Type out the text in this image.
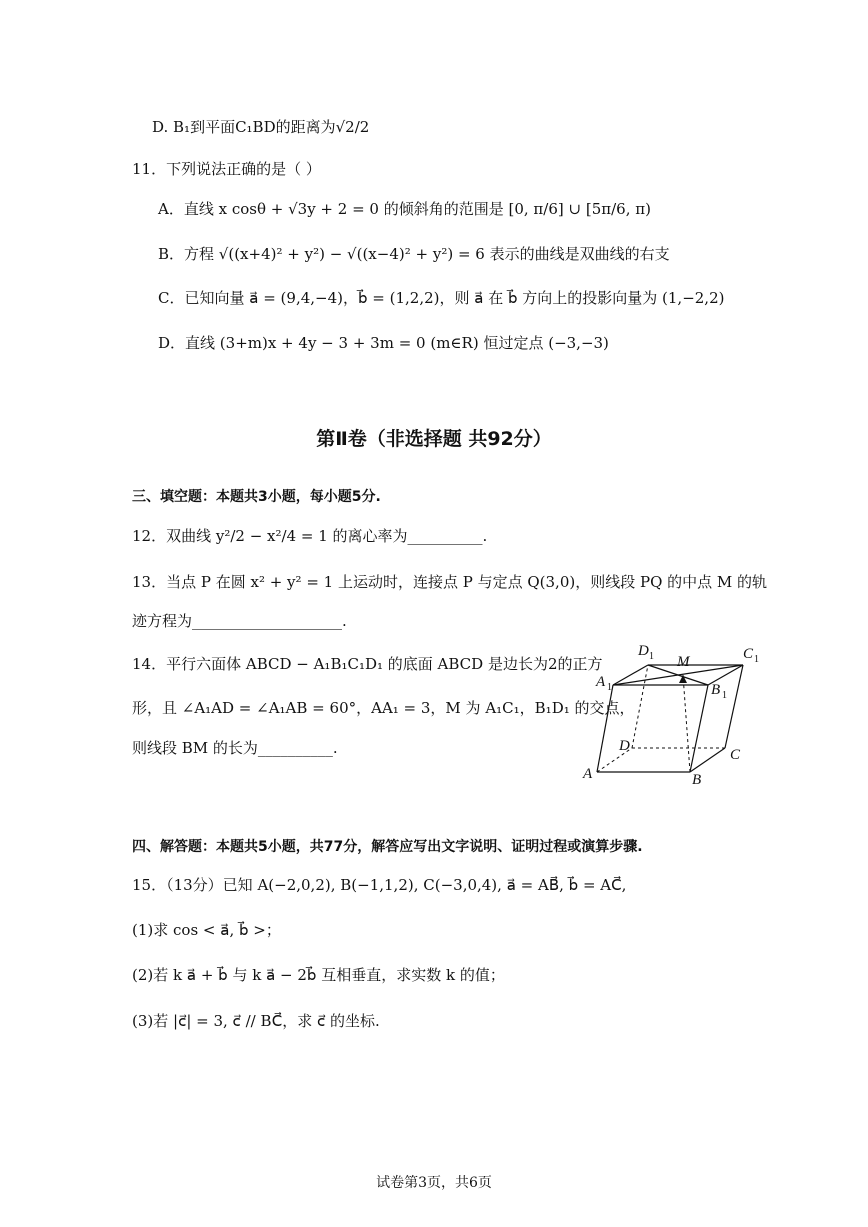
D. B₁到平面C₁BD的距离为√2/2
11．下列说法正确的是（ ）
A．直线 x cosθ + √3y + 2 = 0 的倾斜角的范围是 [0, π/6] ∪ [5π/6, π)
B．方程 √((x+4)² + y²) − √((x−4)² + y²) = 6 表示的曲线是双曲线的右支
C．已知向量 a⃗ = (9,4,−4)，b⃗ = (1,2,2)，则 a⃗ 在 b⃗ 方向上的投影向量为 (1,−2,2)
D．直线 (3+m)x + 4y − 3 + 3m = 0 (m∈R) 恒过定点 (−3,−3)
第Ⅱ卷（非选择题 共92分）
三、填空题：本题共3小题，每小题5分.
12．双曲线 y²/2 − x²/4 = 1 的离心率为__________.
13．当点 P 在圆 x² + y² = 1 上运动时，连接点 P 与定点 Q(3,0)，则线段 PQ 的中点 M 的轨
迹方程为____________________.
14．平行六面体 ABCD − A₁B₁C₁D₁ 的底面 ABCD 是边长为2的正方
形，且 ∠A₁AD = ∠A₁AB = 60°，AA₁ = 3，M 为 A₁C₁，B₁D₁ 的交点，
则线段 BM 的长为__________.
A	B
C
D
A 1	B 1
C 1
D 1 M
四、解答题：本题共5小题，共77分，解答应写出文字说明、证明过程或演算步骤.
15．（13分）已知 A(−2,0,2), B(−1,1,2), C(−3,0,4), a⃗ = AB⃗, b⃗ = AC⃗,
(1)求 cos < a⃗, b⃗ >；
(2)若 k a⃗ + b⃗ 与 k a⃗ − 2b⃗ 互相垂直，求实数 k 的值；
(3)若 |c⃗| = 3, c⃗ // BC⃗，求 c⃗ 的坐标.
试卷第3页，共6页
